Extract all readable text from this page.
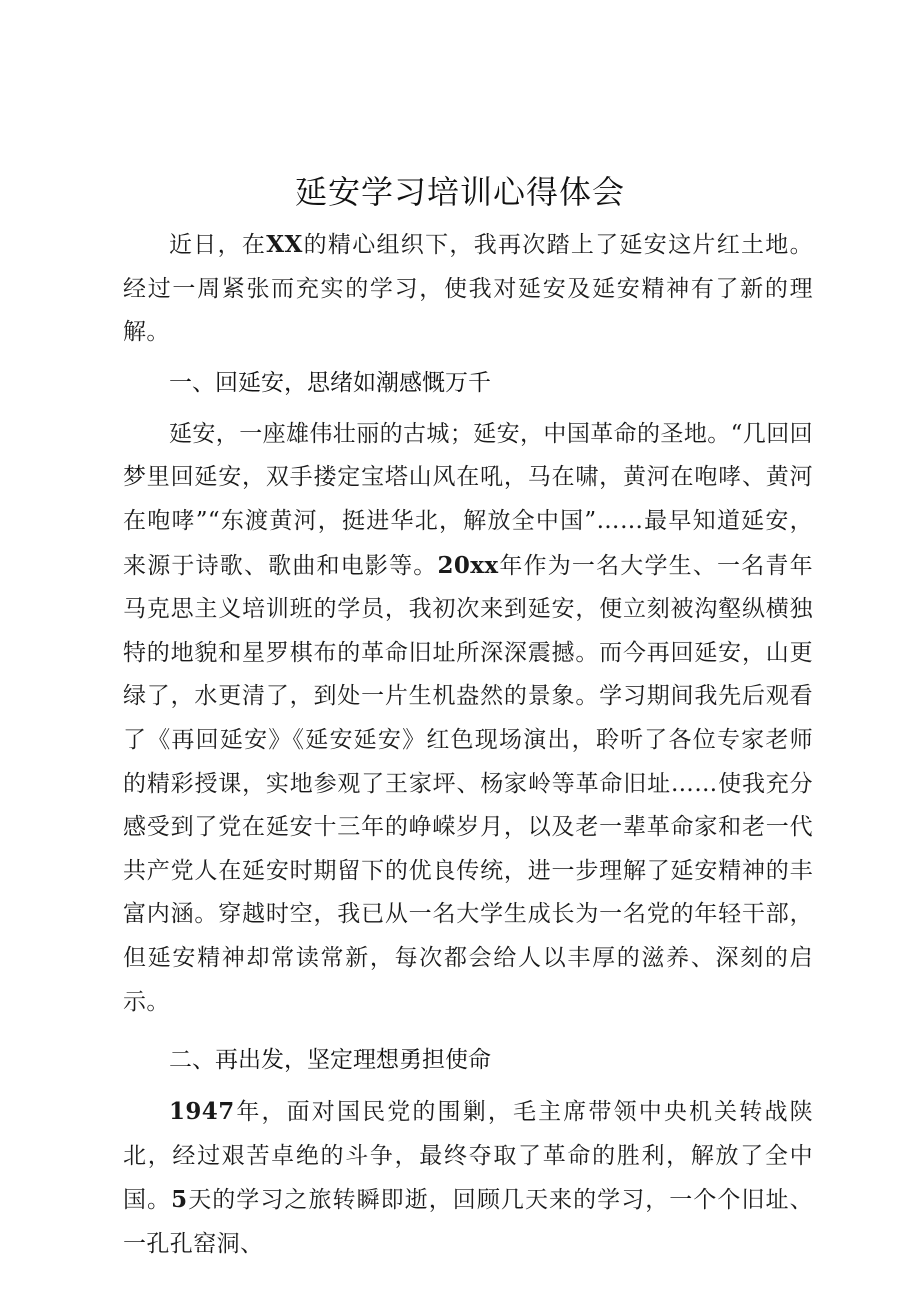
延安学习培训心得体会

近日，在XX的精心组织下，我再次踏上了延安这片红土地。经过一周紧张而充实的学习，使我对延安及延安精神有了新的理解。

一、回延安，思绪如潮感慨万千

延安，一座雄伟壮丽的古城；延安，中国革命的圣地。“几回回梦里回延安，双手搂定宝塔山风在吼，马在啸，黄河在咆哮、黄河在咆哮”“东渡黄河，挺进华北，解放全中国”……最早知道延安，来源于诗歌、歌曲和电影等。20xx年作为一名大学生、一名青年马克思主义培训班的学员，我初次来到延安，便立刻被沟壑纵横独特的地貌和星罗棋布的革命旧址所深深震撼。而今再回延安，山更绿了，水更清了，到处一片生机盎然的景象。学习期间我先后观看了《再回延安》《延安延安》红色现场演出，聆听了各位专家老师的精彩授课，实地参观了王家坪、杨家岭等革命旧址……使我充分感受到了党在延安十三年的峥嵘岁月，以及老一辈革命家和老一代共产党人在延安时期留下的优良传统，进一步理解了延安精神的丰富内涵。穿越时空，我已从一名大学生成长为一名党的年轻干部，但延安精神却常读常新，每次都会给人以丰厚的滋养、深刻的启示。

二、再出发，坚定理想勇担使命

1947年，面对国民党的围剿，毛主席带领中央机关转战陕北，经过艰苦卓绝的斗争，最终夺取了革命的胜利，解放了全中国。5天的学习之旅转瞬即逝，回顾几天来的学习，一个个旧址、一孔孔窑洞、
